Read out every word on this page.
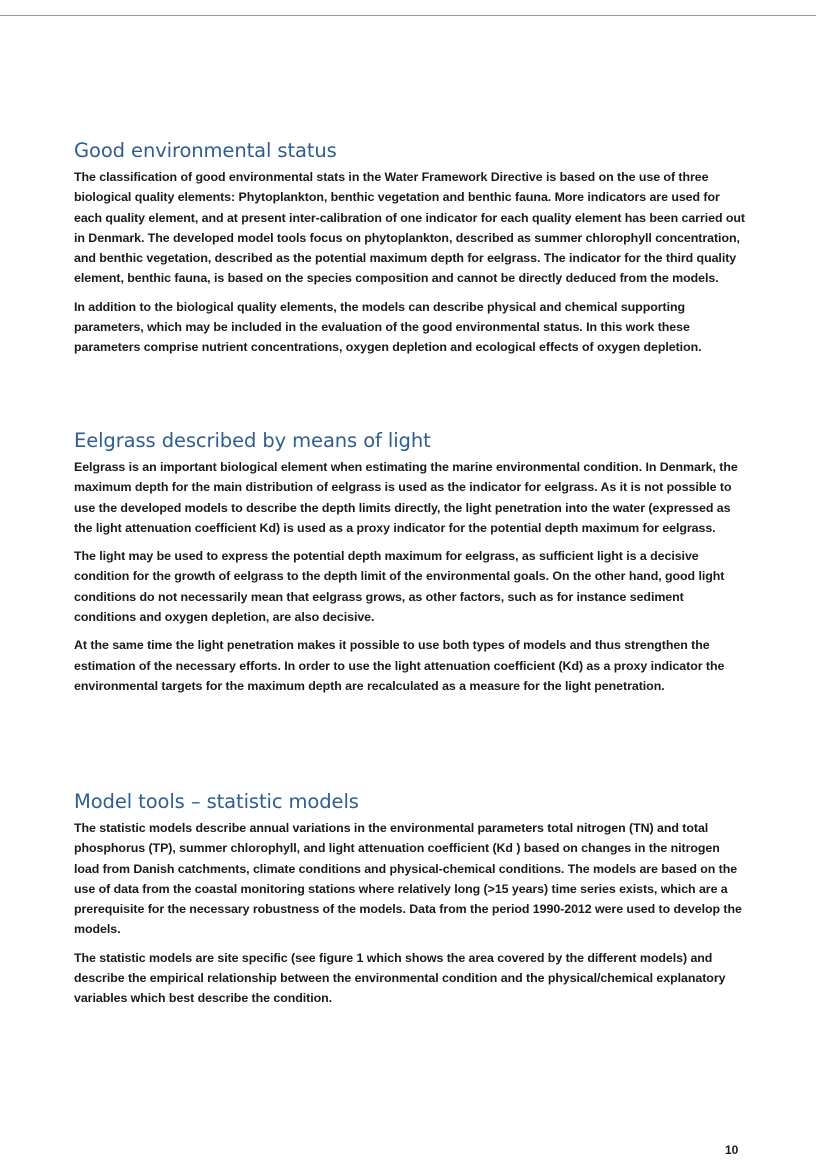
Good environmental status

The classification of good environmental stats in the Water Framework Directive is based on the use of three biological quality elements: Phytoplankton, benthic vegetation and benthic fauna. More indicators are used for each quality element, and at present inter-calibration of one indicator for each quality element has been carried out in Denmark. The developed model tools focus on phytoplankton, described as summer chlorophyll concentration, and benthic vegetation, described as the potential maximum depth for eelgrass. The indicator for the third quality element, benthic fauna, is based on the species composition and cannot be directly deduced from the models.

In addition to the biological quality elements, the models can describe physical and chemical supporting parameters, which may be included in the evaluation of the good environmental status. In this work these parameters comprise nutrient concentrations, oxygen depletion and ecological effects of oxygen depletion.

Eelgrass described by means of light

Eelgrass is an important biological element when estimating the marine environmental condition. In Denmark, the maximum depth for the main distribution of eelgrass is used as the indicator for eelgrass. As it is not possible to use the developed models to describe the depth limits directly, the light penetration into the water (expressed as the light attenuation coefficient Kd) is used as a proxy indicator for the potential depth maximum for eelgrass.

The light may be used to express the potential depth maximum for eelgrass, as sufficient light is a decisive condition for the growth of eelgrass to the depth limit of the environmental goals. On the other hand, good light conditions do not necessarily mean that eelgrass grows, as other factors, such as for instance sediment conditions and oxygen depletion, are also decisive.

At the same time the light penetration makes it possible to use both types of models and thus strengthen the estimation of the necessary efforts. In order to use the light attenuation coefficient (Kd) as a proxy indicator the environmental targets for the maximum depth are recalculated as a measure for the light penetration.

Model tools – statistic models

The statistic models describe annual variations in the environmental parameters total nitrogen (TN) and total phosphorus (TP), summer chlorophyll, and light attenuation coefficient (Kd ) based on changes in the nitrogen load from Danish catchments, climate conditions and physical-chemical conditions. The models are based on the use of data from the coastal monitoring stations where relatively long (>15 years) time series exists, which are a prerequisite for the necessary robustness of the models. Data from the period 1990-2012 were used to develop the models.

The statistic models are site specific (see figure 1 which shows the area covered by the different models) and describe the empirical relationship between the environmental condition and the physical/chemical explanatory variables which best describe the condition.

10
